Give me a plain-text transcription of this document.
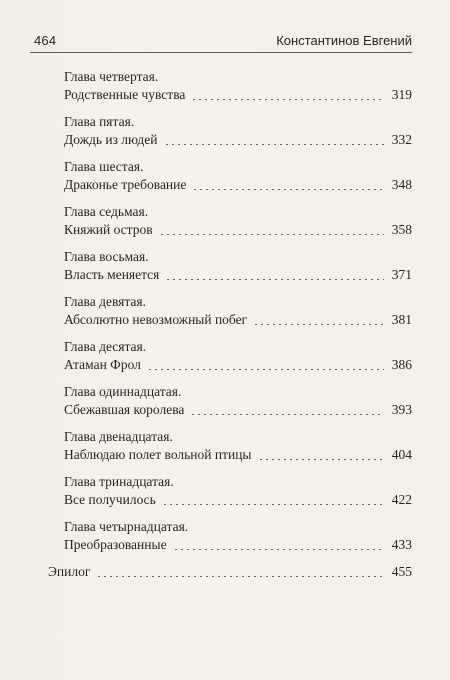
464	Константинов Евгений
Глава четвертая.
Родственные чувства	319
Глава пятая.
Дождь из людей	332
Глава шестая.
Драконье требование	348
Глава седьмая.
Княжий остров	358
Глава восьмая.
Власть меняется	371
Глава девятая.
Абсолютно невозможный побег	381
Глава десятая.
Атаман Фрол	386
Глава одиннадцатая.
Сбежавшая королева	393
Глава двенадцатая.
Наблюдаю полет вольной птицы	404
Глава тринадцатая.
Все получилось	422
Глава четырнадцатая.
Преобразованные	433
Эпилог	455
